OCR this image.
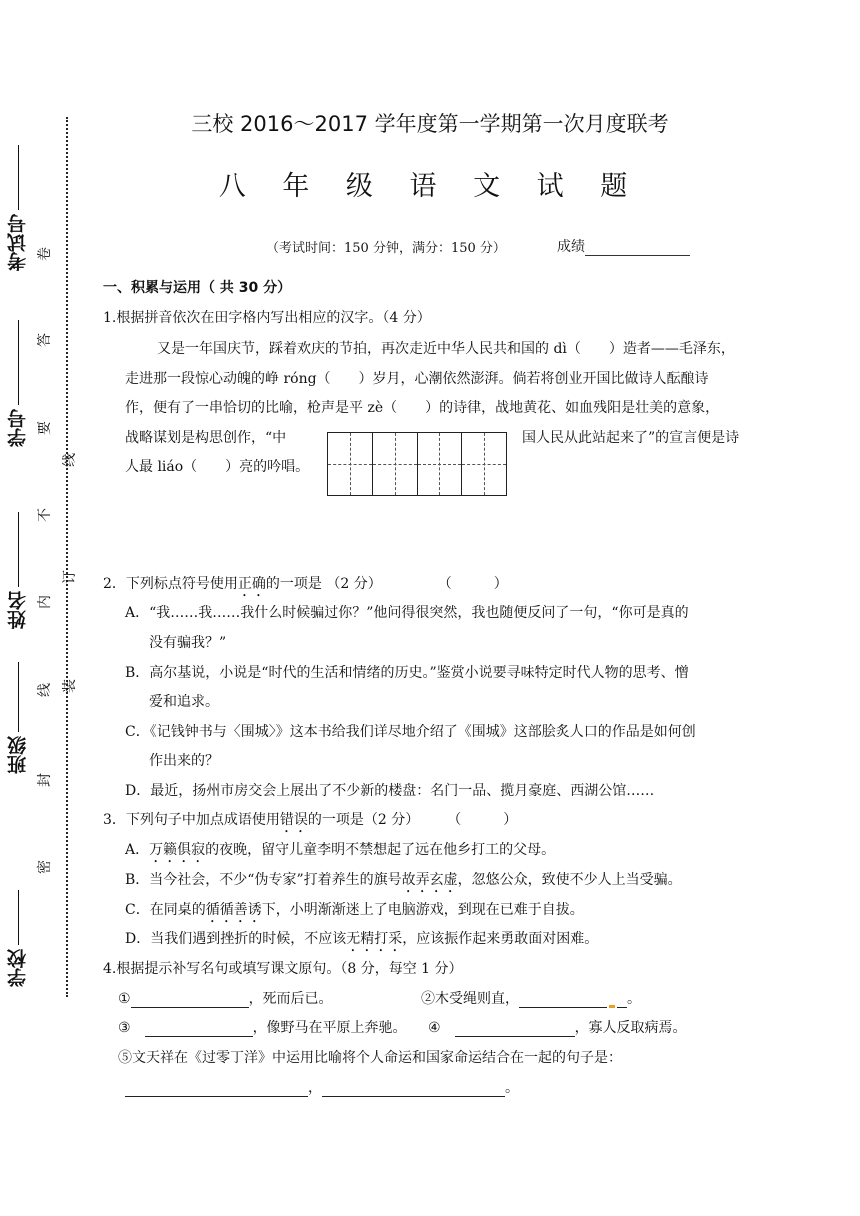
学校
班级
姓名
学号
考试号
密
封
线
内
不
要
答
卷
装
订
线
三校 2016～2017 学年度第一学期第一次月度联考
八 年 级 语 文 试 题
（考试时间：150 分钟，满分：150 分）	成绩
一、积累与运用（ 共 30 分）
1.根据拼音依次在田字格内写出相应的汉字。（4 分）
又是一年国庆节，踩着欢庆的节拍，再次走近中华人民共和国的 dì（　　）造者——毛泽东，
走进那一段惊心动魄的峥 róng（　　）岁月，心潮依然澎湃。倘若将创业开国比做诗人酝酿诗
作，便有了一串恰切的比喻，枪声是平 zè（　　）的诗律，战地黄花、如血残阳是壮美的意象，
战略谋划是构思创作，“中	国人民从此站起来了”的宣言便是诗
人最 liáo（　　）亮的吟唱。
2．下列标点符号使用正确的一项是 （2 分）　　　　　（　　　）
A．“我……我……我什么时候骗过你？”他问得很突然，我也随便反问了一句，“你可是真的
没有骗我？”
B．高尔基说，小说是“时代的生活和情绪的历史。”鉴赏小说要寻味特定时代人物的思考、憎
爱和追求。
C．《记钱钟书与〈围城〉》这本书给我们详尽地介绍了《围城》这部脍炙人口的作品是如何创
作出来的？
D．最近，扬州市房交会上展出了不少新的楼盘：名门一品、揽月豪庭、西湖公馆……
3．下列句子中加点成语使用错误的一项是（2 分）　　　（　　　）
A．万籁俱寂的夜晚，留守儿童李明不禁想起了远在他乡打工的父母。
B．当今社会，不少“伪专家”打着养生的旗号故弄玄虚，忽悠公众，致使不少人上当受骗。
C．在同桌的循循善诱下，小明渐渐迷上了电脑游戏，到现在已难于自拔。
D．当我们遇到挫折的时候，不应该无精打采，应该振作起来勇敢面对困难。
4.根据提示补写名句或填写课文原句。（8 分，每空 1 分）
①	，死而后已。	②木受绳则直，	。
③	，像野马在平原上奔驰。 ④	，寡人反取病焉。
⑤文天祥在《过零丁洋》中运用比喻将个人命运和国家命运结合在一起的句子是：
，	。
